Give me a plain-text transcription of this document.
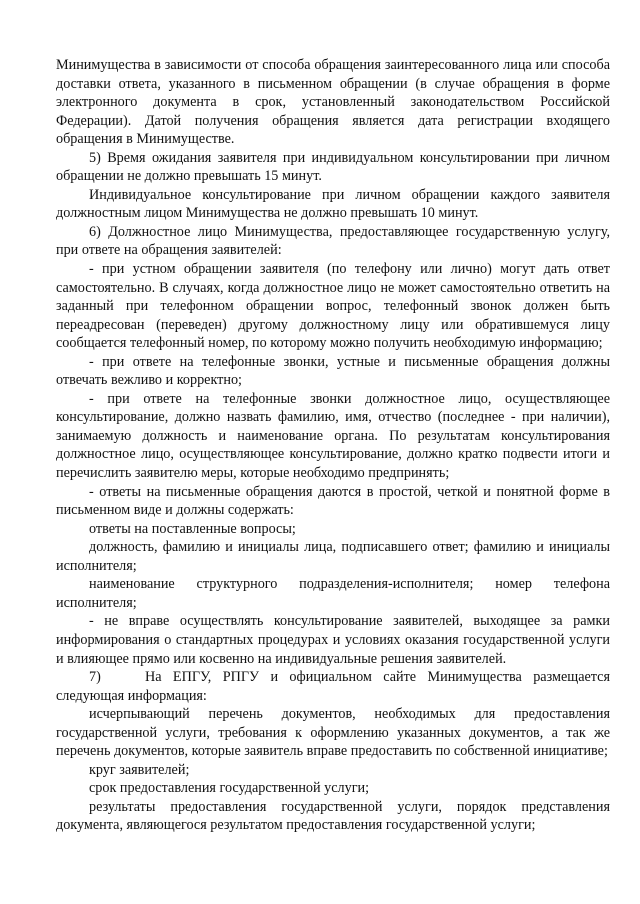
Минимущества в зависимости от способа обращения заинтересованного лица или способа доставки ответа, указанного в письменном обращении (в случае обращения в форме электронного документа в срок, установленный законодательством Российской Федерации). Датой получения обращения является дата регистрации входящего обращения в Минимуществе.

5) Время ожидания заявителя при индивидуальном консультировании при личном обращении не должно превышать 15 минут.

Индивидуальное консультирование при личном обращении каждого заявителя должностным лицом Минимущества не должно превышать 10 минут.

6) Должностное лицо Минимущества, предоставляющее государственную услугу, при ответе на обращения заявителей:

- при устном обращении заявителя (по телефону или лично) могут дать ответ самостоятельно. В случаях, когда должностное лицо не может самостоятельно ответить на заданный при телефонном обращении вопрос, телефонный звонок должен быть переадресован (переведен) другому должностному лицу или обратившемуся лицу сообщается телефонный номер, по которому можно получить необходимую информацию;

- при ответе на телефонные звонки, устные и письменные обращения должны отвечать вежливо и корректно;

- при ответе на телефонные звонки должностное лицо, осуществляющее консультирование, должно назвать фамилию, имя, отчество (последнее - при наличии), занимаемую должность и наименование органа. По результатам консультирования должностное лицо, осуществляющее консультирование, должно кратко подвести итоги и перечислить заявителю меры, которые необходимо предпринять;

- ответы на письменные обращения даются в простой, четкой и понятной форме в письменном виде и должны содержать:

ответы на поставленные вопросы;

должность, фамилию и инициалы лица, подписавшего ответ; фамилию и инициалы исполнителя;

наименование структурного подразделения-исполнителя; номер телефона исполнителя;

- не вправе осуществлять консультирование заявителей, выходящее за рамки информирования о стандартных процедурах и условиях оказания государственной услуги и влияющее прямо или косвенно на индивидуальные решения заявителей.

7)	На ЕПГУ, РПГУ и официальном сайте Минимущества размещается следующая информация:

исчерпывающий перечень документов, необходимых для предоставления государственной услуги, требования к оформлению указанных документов, а так же перечень документов, которые заявитель вправе предоставить по собственной инициативе;

круг заявителей;

срок предоставления государственной услуги;

результаты предоставления государственной услуги, порядок представления документа, являющегося результатом предоставления государственной услуги;
